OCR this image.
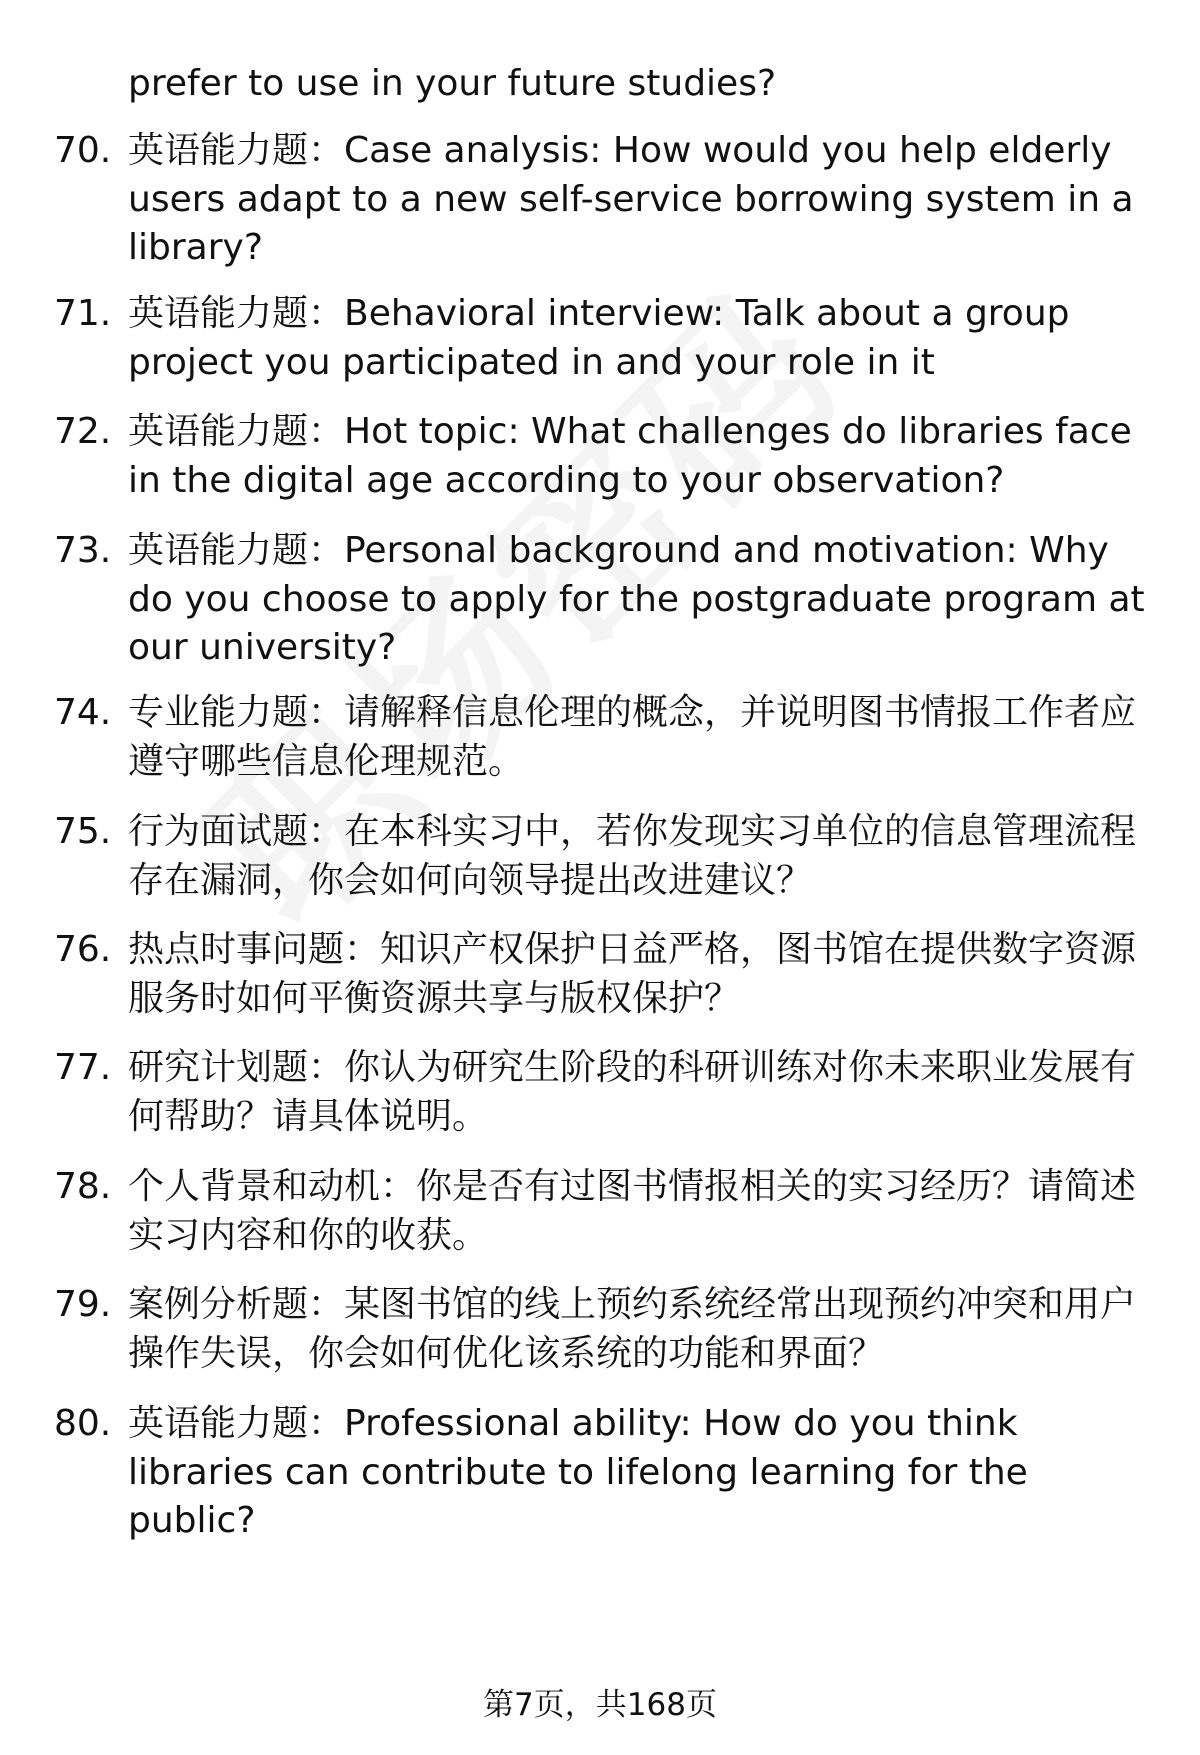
prefer to use in your future studies?
70. 英语能力题：Case analysis: How would you help elderly users adapt to a new self-service borrowing system in a library?
71. 英语能力题：Behavioral interview: Talk about a group project you participated in and your role in it
72. 英语能力题：Hot topic: What challenges do libraries face in the digital age according to your observation?
73. 英语能力题：Personal background and motivation: Why do you choose to apply for the postgraduate program at our university?
74. 专业能力题：请解释信息伦理的概念，并说明图书情报工作者应遵守哪些信息伦理规范。
75. 行为面试题：在本科实习中，若你发现实习单位的信息管理流程存在漏洞，你会如何向领导提出改进建议？
76. 热点时事问题：知识产权保护日益严格，图书馆在提供数字资源服务时如何平衡资源共享与版权保护？
77. 研究计划题：你认为研究生阶段的科研训练对你未来职业发展有何帮助？请具体说明。
78. 个人背景和动机：你是否有过图书情报相关的实习经历？请简述实习内容和你的收获。
79. 案例分析题：某图书馆的线上预约系统经常出现预约冲突和用户操作失误，你会如何优化该系统的功能和界面？
80. 英语能力题：Professional ability: How do you think libraries can contribute to lifelong learning for the public?
第7页，共168页
